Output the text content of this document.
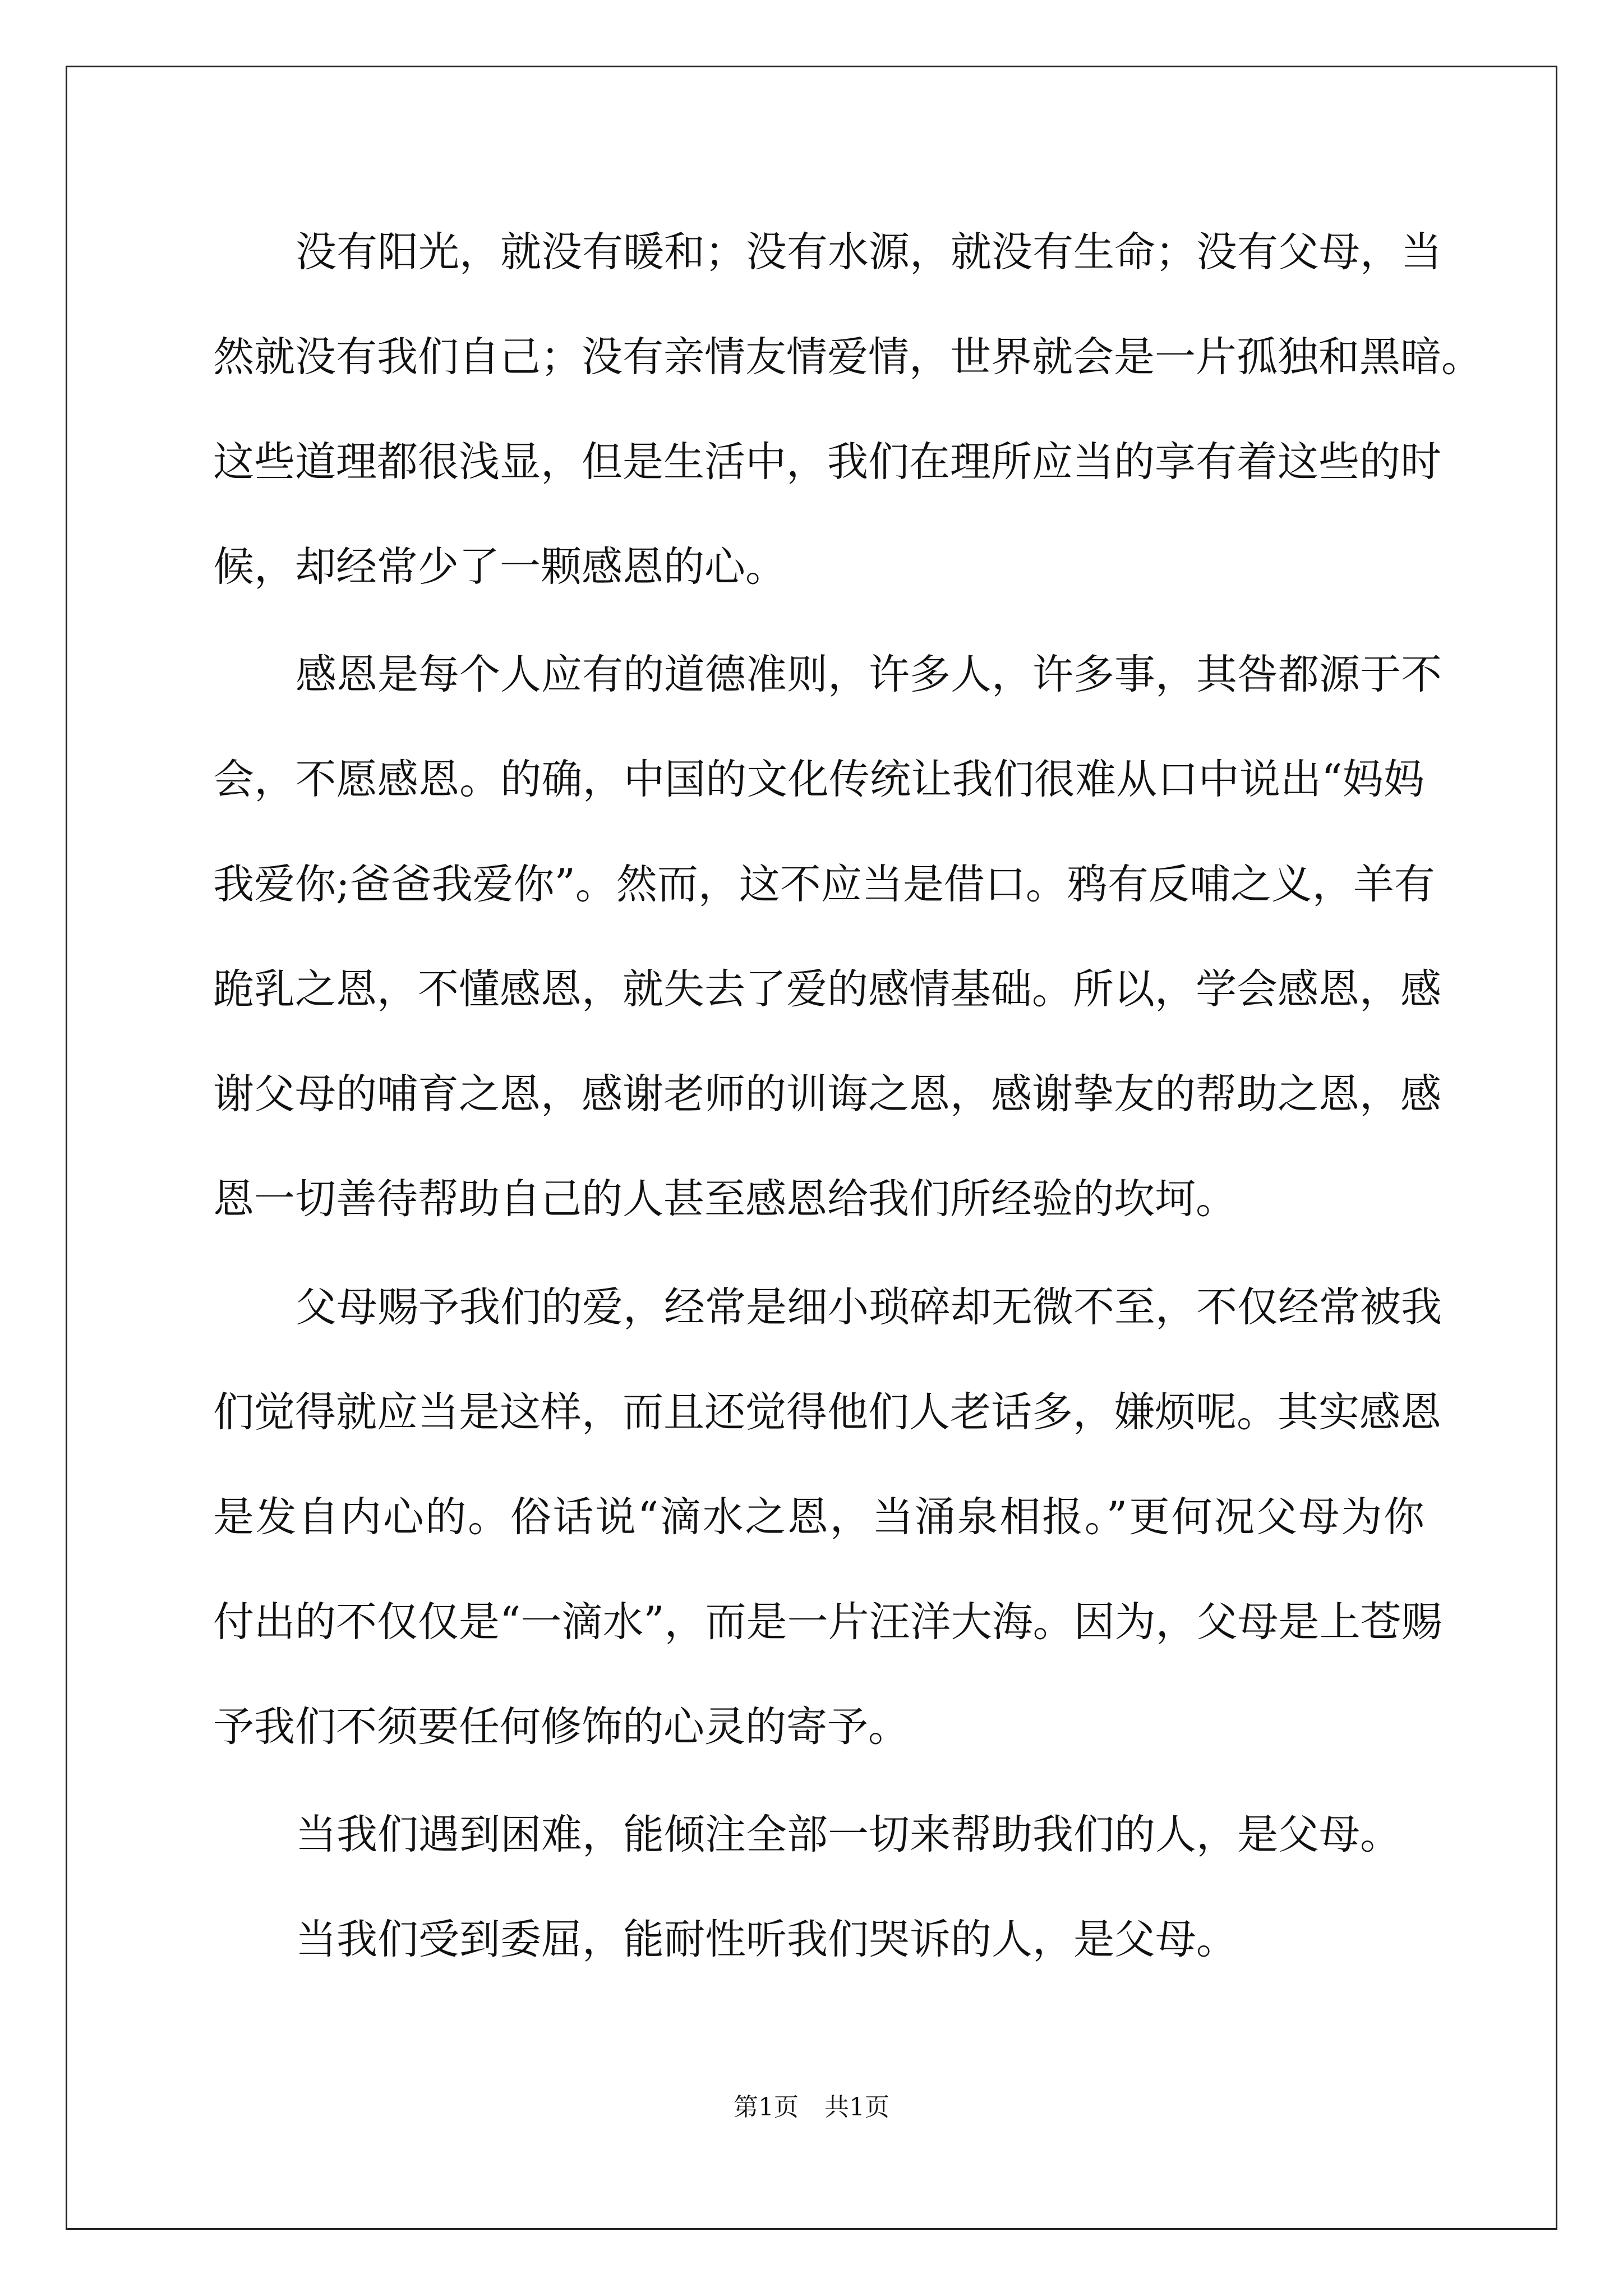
没有阳光，就没有暖和；没有水源，就没有生命；没有父母，当

然就没有我们自己；没有亲情友情爱情，世界就会是一片孤独和黑暗。

这些道理都很浅显，但是生活中，我们在理所应当的享有着这些的时

候，却经常少了一颗感恩的心。

感恩是每个人应有的道德准则，许多人，许多事，其咎都源于不

会，不愿感恩。的确，中国的文化传统让我们很难从口中说出“妈妈

我爱你;爸爸我爱你”。然而，这不应当是借口。鸦有反哺之义，羊有

跪乳之恩，不懂感恩，就失去了爱的感情基础。所以，学会感恩，感

谢父母的哺育之恩，感谢老师的训诲之恩，感谢挚友的帮助之恩，感

恩一切善待帮助自己的人甚至感恩给我们所经验的坎坷。

父母赐予我们的爱，经常是细小琐碎却无微不至，不仅经常被我

们觉得就应当是这样，而且还觉得他们人老话多，嫌烦呢。其实感恩

是发自内心的。俗话说“滴水之恩，当涌泉相报。”更何况父母为你

付出的不仅仅是“一滴水”，而是一片汪洋大海。因为，父母是上苍赐

予我们不须要任何修饰的心灵的寄予。

当我们遇到困难，能倾注全部一切来帮助我们的人，是父母。

当我们受到委屈，能耐性听我们哭诉的人，是父母。

第1页 共1页
